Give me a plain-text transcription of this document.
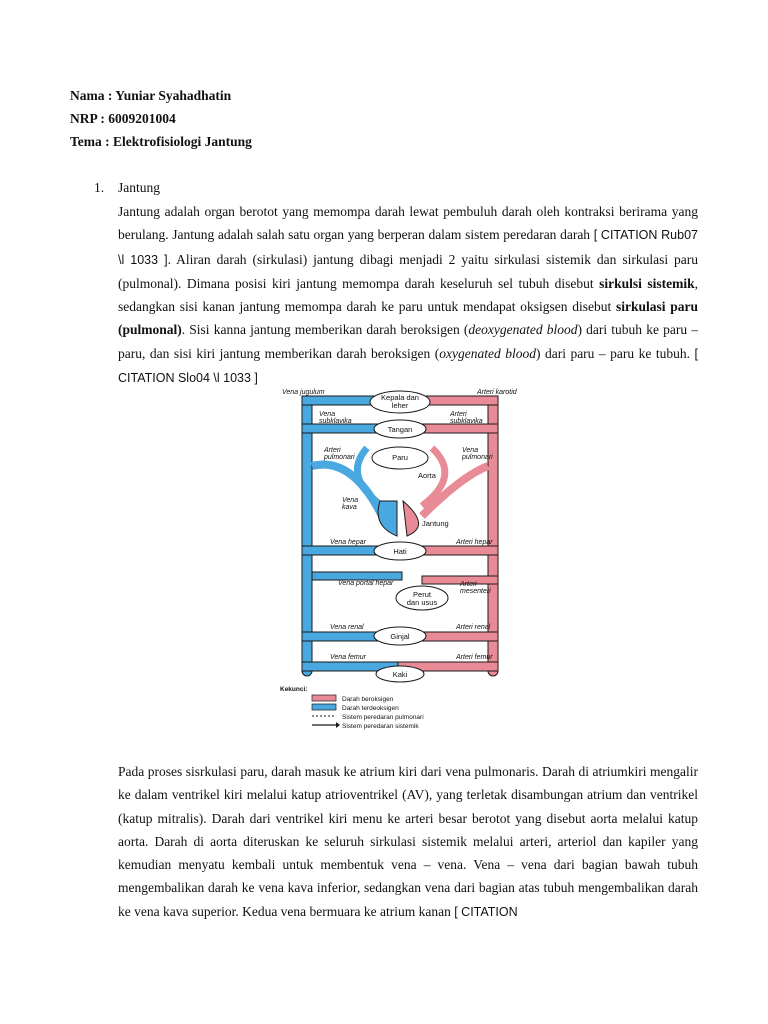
Nama : Yuniar Syahadhatin
NRP : 6009201004
Tema : Elektrofisiologi Jantung
1. Jantung

Jantung adalah organ berotot yang memompa darah lewat pembuluh darah oleh kontraksi berirama yang berulang. Jantung adalah salah satu organ yang berperan dalam sistem peredaran darah [ CITATION Rub07 \l 1033 ]. Aliran darah (sirkulasi) jantung dibagi menjadi 2 yaitu sirkulasi sistemik dan sirkulasi paru (pulmonal). Dimana posisi kiri jantung memompa darah keseluruh sel tubuh disebut sirkulsi sistemik, sedangkan sisi kanan jantung memompa darah ke paru untuk mendapat oksigsen disebut sirkulasi paru (pulmonal). Sisi kanna jantung memberikan darah beroksigen (deoxygenated blood) dari tubuh ke paru – paru, dan sisi kiri jantung memberikan darah beroksigen (oxygenated blood) dari paru – paru ke tubuh. [ CITATION Slo04 \l 1033 ]

Vena jugulum	Arteri karotid
Kepala dan
leher
Vena
subklavika
Arteri
subklavika
Tangan
Arteri
pulmonari	Paru
Vena
pulmonari
Aorta
Vena
kava
Jantung
Vena hepar	Arteri hepar
Hati
Vena portal hepar	Arteri
mesenteri
Perut
dan usus
Vena renal	Arteri renal
Ginjal
Vena femur	Arteri femur
Kaki
Kekunci:
Darah beroksigen
Darah terdeoksigen
Sistem peredaran pulmonari
Sistem peredaran sistemik

Pada proses sisrkulasi paru, darah masuk ke atrium kiri dari vena pulmonaris. Darah di atriumkiri mengalir ke dalam ventrikel kiri melalui katup atrioventrikel (AV), yang terletak disambungan atrium dan ventrikel (katup mitralis). Darah dari ventrikel kiri menu ke arteri besar berotot yang disebut aorta melalui katup aorta. Darah di aorta diteruskan ke seluruh sirkulasi sistemik melalui arteri, arteriol dan kapiler yang kemudian menyatu kembali untuk membentuk vena – vena. Vena – vena dari bagian bawah tubuh mengembalikan darah ke vena kava inferior, sedangkan vena dari bagian atas tubuh mengembalikan darah ke vena kava superior. Kedua vena bermuara ke atrium kanan [ CITATION
